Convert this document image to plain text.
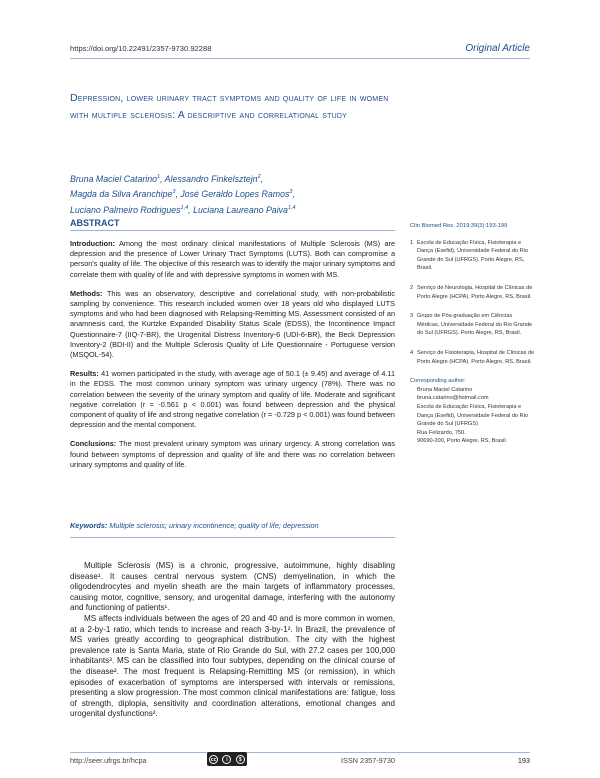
https://doi.org/10.22491/2357-9730.92288	Original Article
Depression, lower urinary tract symptoms and quality of life in women with multiple sclerosis: A descriptive and correlational study
Bruna Maciel Catarino$^1$, Alessandro Finkelsztejn$^2$,
Magda da Silva Aranchipe$^3$, José Geraldo Lopes Ramos$^3$,
Luciano Palmeiro Rodrigues$^{1,4}$, Luciana Laureano Paiva$^{1,4}$
ABSTRACT

Introduction: Among the most ordinary clinical manifestations of Multiple Sclerosis (MS) are depression and the presence of Lower Urinary Tract Symptoms (LUTS). Both can compromise a person's quality of life. The objective of this research was to identify the major urinary symptoms and correlate them with quality of life and with depressive symptoms in women with MS.

Methods: This was an observatory, descriptive and correlational study, with non-probabilistic sampling by convenience. This research included women over 18 years old who displayed LUTS symptoms and who had been diagnosed with Relapsing-Remitting MS. Assessment consisted of an anamnesis card, the Kurtzke Expanded Disability Status Scale (EDSS), the Incontinence Impact Questionnaire-7 (IIQ-7-BR), the Urogenital Distress Inventory-6 (UDI-6-BR), the Beck Depression Inventory-2 (BDI-II) and the Multiple Sclerosis Quality of Life Questionnaire - Portuguese version (MSQOL-54).

Results: 41 women participated in the study, with average age of 50.1 (± 9.45) and average of 4.11 in the EDSS. The most common urinary symptom was urinary urgency (78%). There was no correlation between the severity of the urinary symptom and quality of life. Moderate and significant negative correlation (r = -0.561 p < 0.001) was found between depression and the physical component of quality of life and strong negative correlation (r = -0.729 p < 0.001) was found between depression and the mental component.

Conclusions: The most prevalent urinary symptom was urinary urgency. A strong correlation was found between symptoms of depression and quality of life and there was no correlation between urinary symptoms and quality of life.

Keywords: Multiple sclerosis; urinary incontinence; quality of life; depression
Clin Biomed Res. 2019;39(3):193-199
1 Escola de Educação Física, Fisioterapia e Dança (Esefid), Universidade Federal do Rio Grande do Sul (UFRGS). Porto Alegre, RS, Brasil.
2 Serviço de Neurologia, Hospital de Clínicas de Porto Alegre (HCPA). Porto Alegre, RS, Brasil.
3 Grupo de Pós-graduação em Ciências Médicas, Universidade Federal do Rio Grande do Sul (UFRGS). Porto Alegre, RS, Brasil.
4 Serviço de Fisioterapia, Hospital de Clínicas de Porto Alegre (HCPA). Porto Alegre, RS, Brasil.
Corresponding author:
Bruna Maciel Catarino
bruna.catarino@hotmail.com
Escola de Educação Física, Fisioterapia e Dança (Esefid), Universidade Federal do Rio Grande do Sul (UFRGS)
Rua Felizardo, 750.
90690-200, Porto Alegre, RS, Brasil.

Multiple Sclerosis (MS) is a chronic, progressive, autoimmune, highly disabling disease¹. It causes central nervous system (CNS) demyelination, in which the oligodendrocytes and myelin sheath are the main targets of inflammatory processes, causing motor, cognitive, sensory, and urogenital damage, interfering with the autonomy and functioning of patients¹.

MS affects individuals between the ages of 20 and 40 and is more common in women, at a 2-by-1 ratio, which tends to increase and reach 3-by-1². In Brazil, the prevalence of MS varies greatly according to geographical distribution. The city with the highest prevalence rate is Santa Maria, state of Rio Grande do Sul, with 27.2 cases per 100,000 inhabitants³. MS can be classified into four subtypes, depending on the clinical course of the disease². The most frequent is Relapsing-Remitting MS (or remission), in which episodes of exacerbation of symptoms are interspersed with intervals or remissions, presenting a slow progression. The most common clinical manifestations are: fatigue, loss of strength, diplopia, sensitivity and coordination alterations, emotional changes and urogenital dysfunctions².

http://seer.ufrgs.br/hcpa	cc	i	$	ISSN 2357-9730	193
